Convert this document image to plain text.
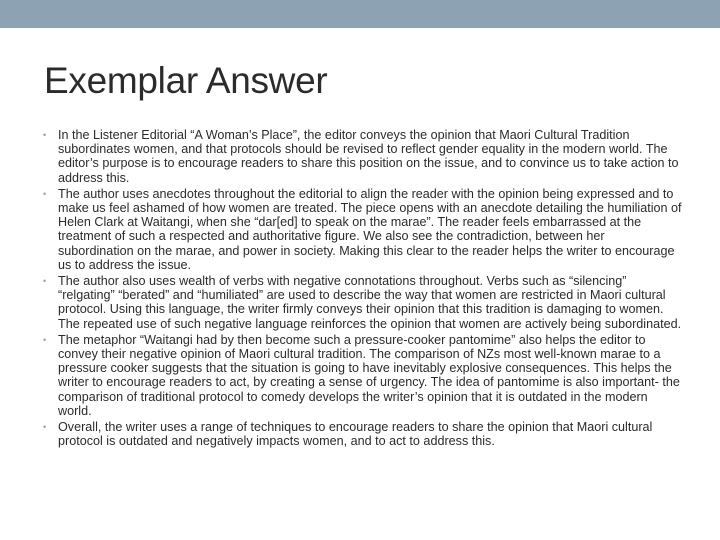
Exemplar Answer
• In the Listener Editorial “A Woman’s Place”, the editor conveys the opinion that Maori Cultural Tradition subordinates women, and that protocols should be revised to reflect gender equality in the modern world. The editor’s purpose is to encourage readers to share this position on the issue, and to convince us to take action to address this.
• The author uses anecdotes throughout the editorial to align the reader with the opinion being expressed and to make us feel ashamed of how women are treated. The piece opens with an anecdote detailing the humiliation of Helen Clark at Waitangi, when she “dar[ed] to speak on the marae”. The reader feels embarrassed at the treatment of such a respected and authoritative figure. We also see the contradiction, between her subordination on the marae, and power in society. Making this clear to the reader helps the writer to encourage us to address the issue.
• The author also uses wealth of verbs with negative connotations throughout. Verbs such as “silencing” “relgating” “berated” and “humiliated” are used to describe the way that women are restricted in Maori cultural protocol. Using this language, the writer firmly conveys their opinion that this tradition is damaging to women. The repeated use of such negative language reinforces the opinion that women are actively being subordinated.
• The metaphor “Waitangi had by then become such a pressure-cooker pantomime” also helps the editor to convey their negative opinion of Maori cultural tradition. The comparison of NZs most well-known marae to a pressure cooker suggests that the situation is going to have inevitably explosive consequences. This helps the writer to encourage readers to act, by creating a sense of urgency. The idea of pantomime is also important- the comparison of traditional protocol to comedy develops the writer’s opinion that it is outdated in the modern world.
• Overall, the writer uses a range of techniques to encourage readers to share the opinion that Maori cultural protocol is outdated and negatively impacts women, and to act to address this.
